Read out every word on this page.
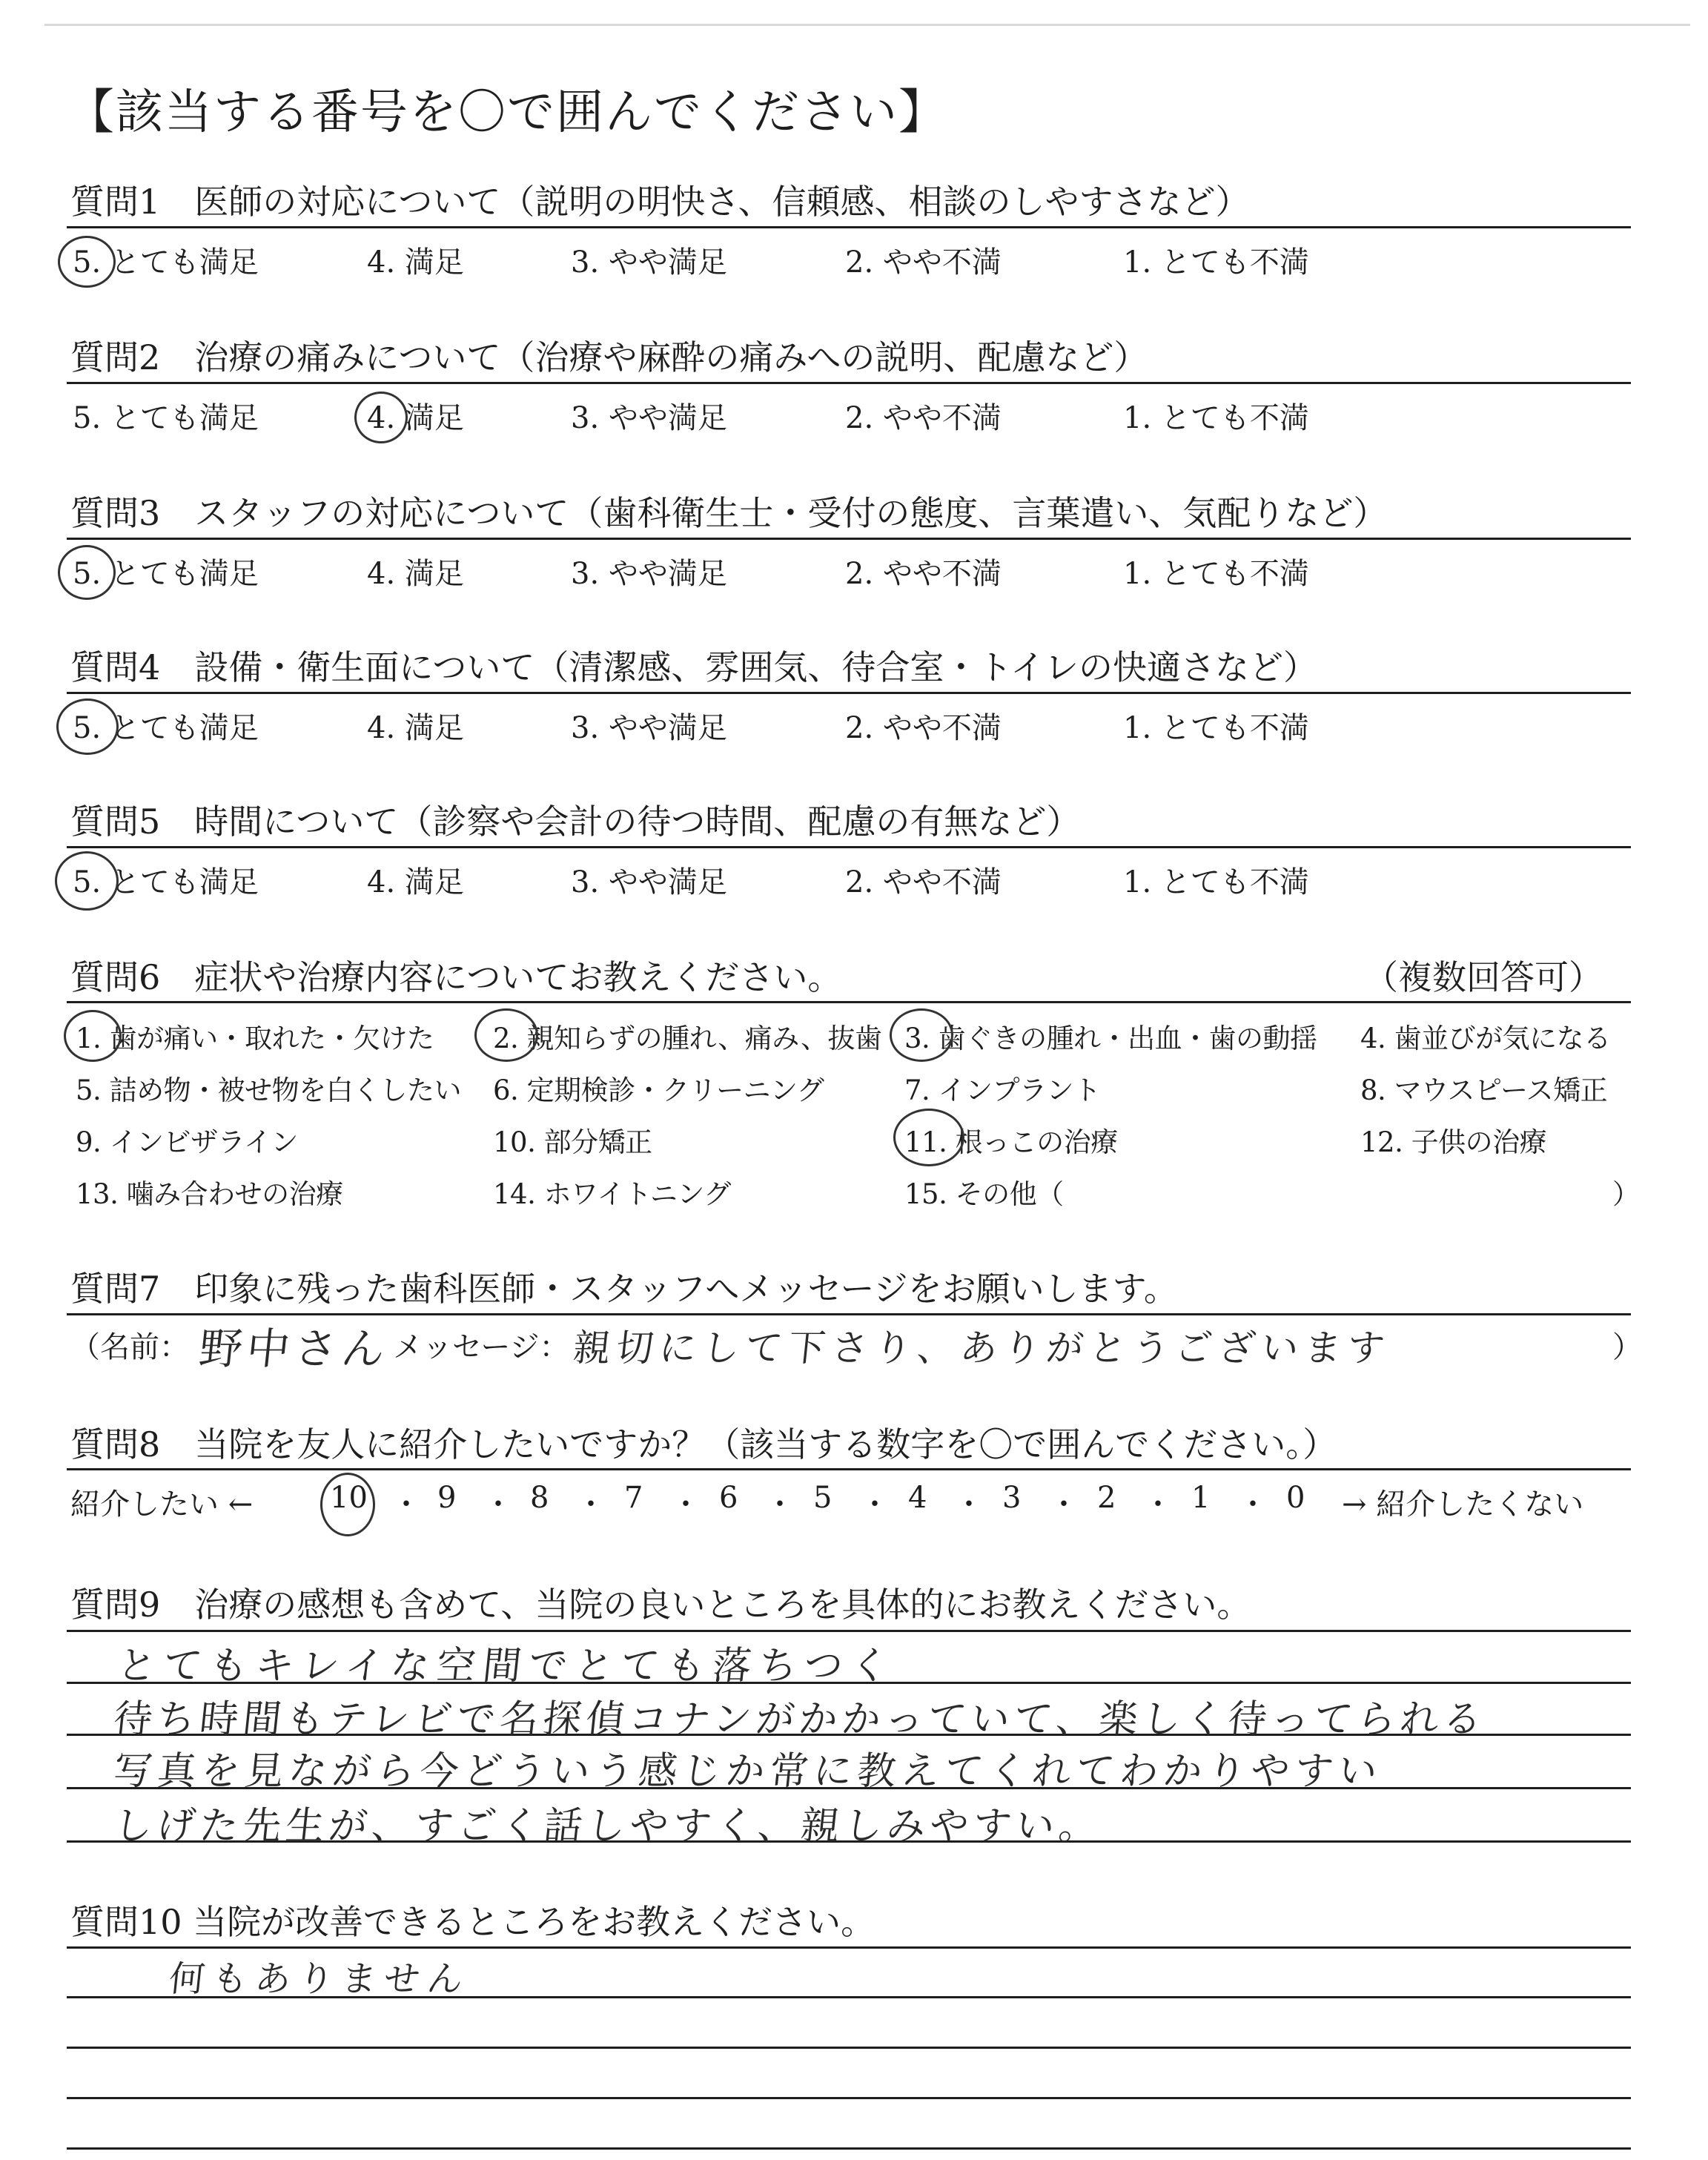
【該当する番号を〇で囲んでください】
質問1　医師の対応について（説明の明快さ、信頼感、相談のしやすさなど）
5. とても満足	4. 満足	3. やや満足	2. やや不満	1. とても不満
質問2　治療の痛みについて（治療や麻酔の痛みへの説明、配慮など）
5. とても満足	4. 満足	3. やや満足	2. やや不満	1. とても不満
質問3　スタッフの対応について（歯科衛生士・受付の態度、言葉遣い、気配りなど）
5. とても満足	4. 満足	3. やや満足	2. やや不満	1. とても不満
質問4　設備・衛生面について（清潔感、雰囲気、待合室・トイレの快適さなど）
5. とても満足	4. 満足	3. やや満足	2. やや不満	1. とても不満
質問5　時間について（診察や会計の待つ時間、配慮の有無など）
5. とても満足	4. 満足	3. やや満足	2. やや不満	1. とても不満
質問6　症状や治療内容についてお教えください。	（複数回答可）
1. 歯が痛い・取れた・欠けた 2. 親知らずの腫れ、痛み、抜歯 3. 歯ぐきの腫れ・出血・歯の動揺 4. 歯並びが気になる
5. 詰め物・被せ物を白くしたい 6. 定期検診・クリーニング	7. インプラント	8. マウスピース矯正
9. インビザライン	10. 部分矯正	11. 根っこの治療	12. 子供の治療
13. 噛み合わせの治療	14. ホワイトニング	15. その他（	）
質問7　印象に残った歯科医師・スタッフへメッセージをお願いします。
（名前： 野中さん メッセージ： 親切にして下さり、ありがとうございます	）
質問8　当院を友人に紹介したいですか？（該当する数字を〇で囲んでください。）
紹介したい ←	→ 紹介したくない
10 ・ 9 ・ 8 ・ 7 ・ 6 ・ 5 ・ 4 ・ 3 ・ 2 ・ 1 ・ 0
質問9　治療の感想も含めて、当院の良いところを具体的にお教えください。
とてもキレイな空間でとても落ちつく
待ち時間もテレビで名探偵コナンがかかっていて、楽しく待ってられる
写真を見ながら今どういう感じか常に教えてくれてわかりやすい
しげた先生が、すごく話しやすく、親しみやすい。
質問10 当院が改善できるところをお教えください。
何もありません
